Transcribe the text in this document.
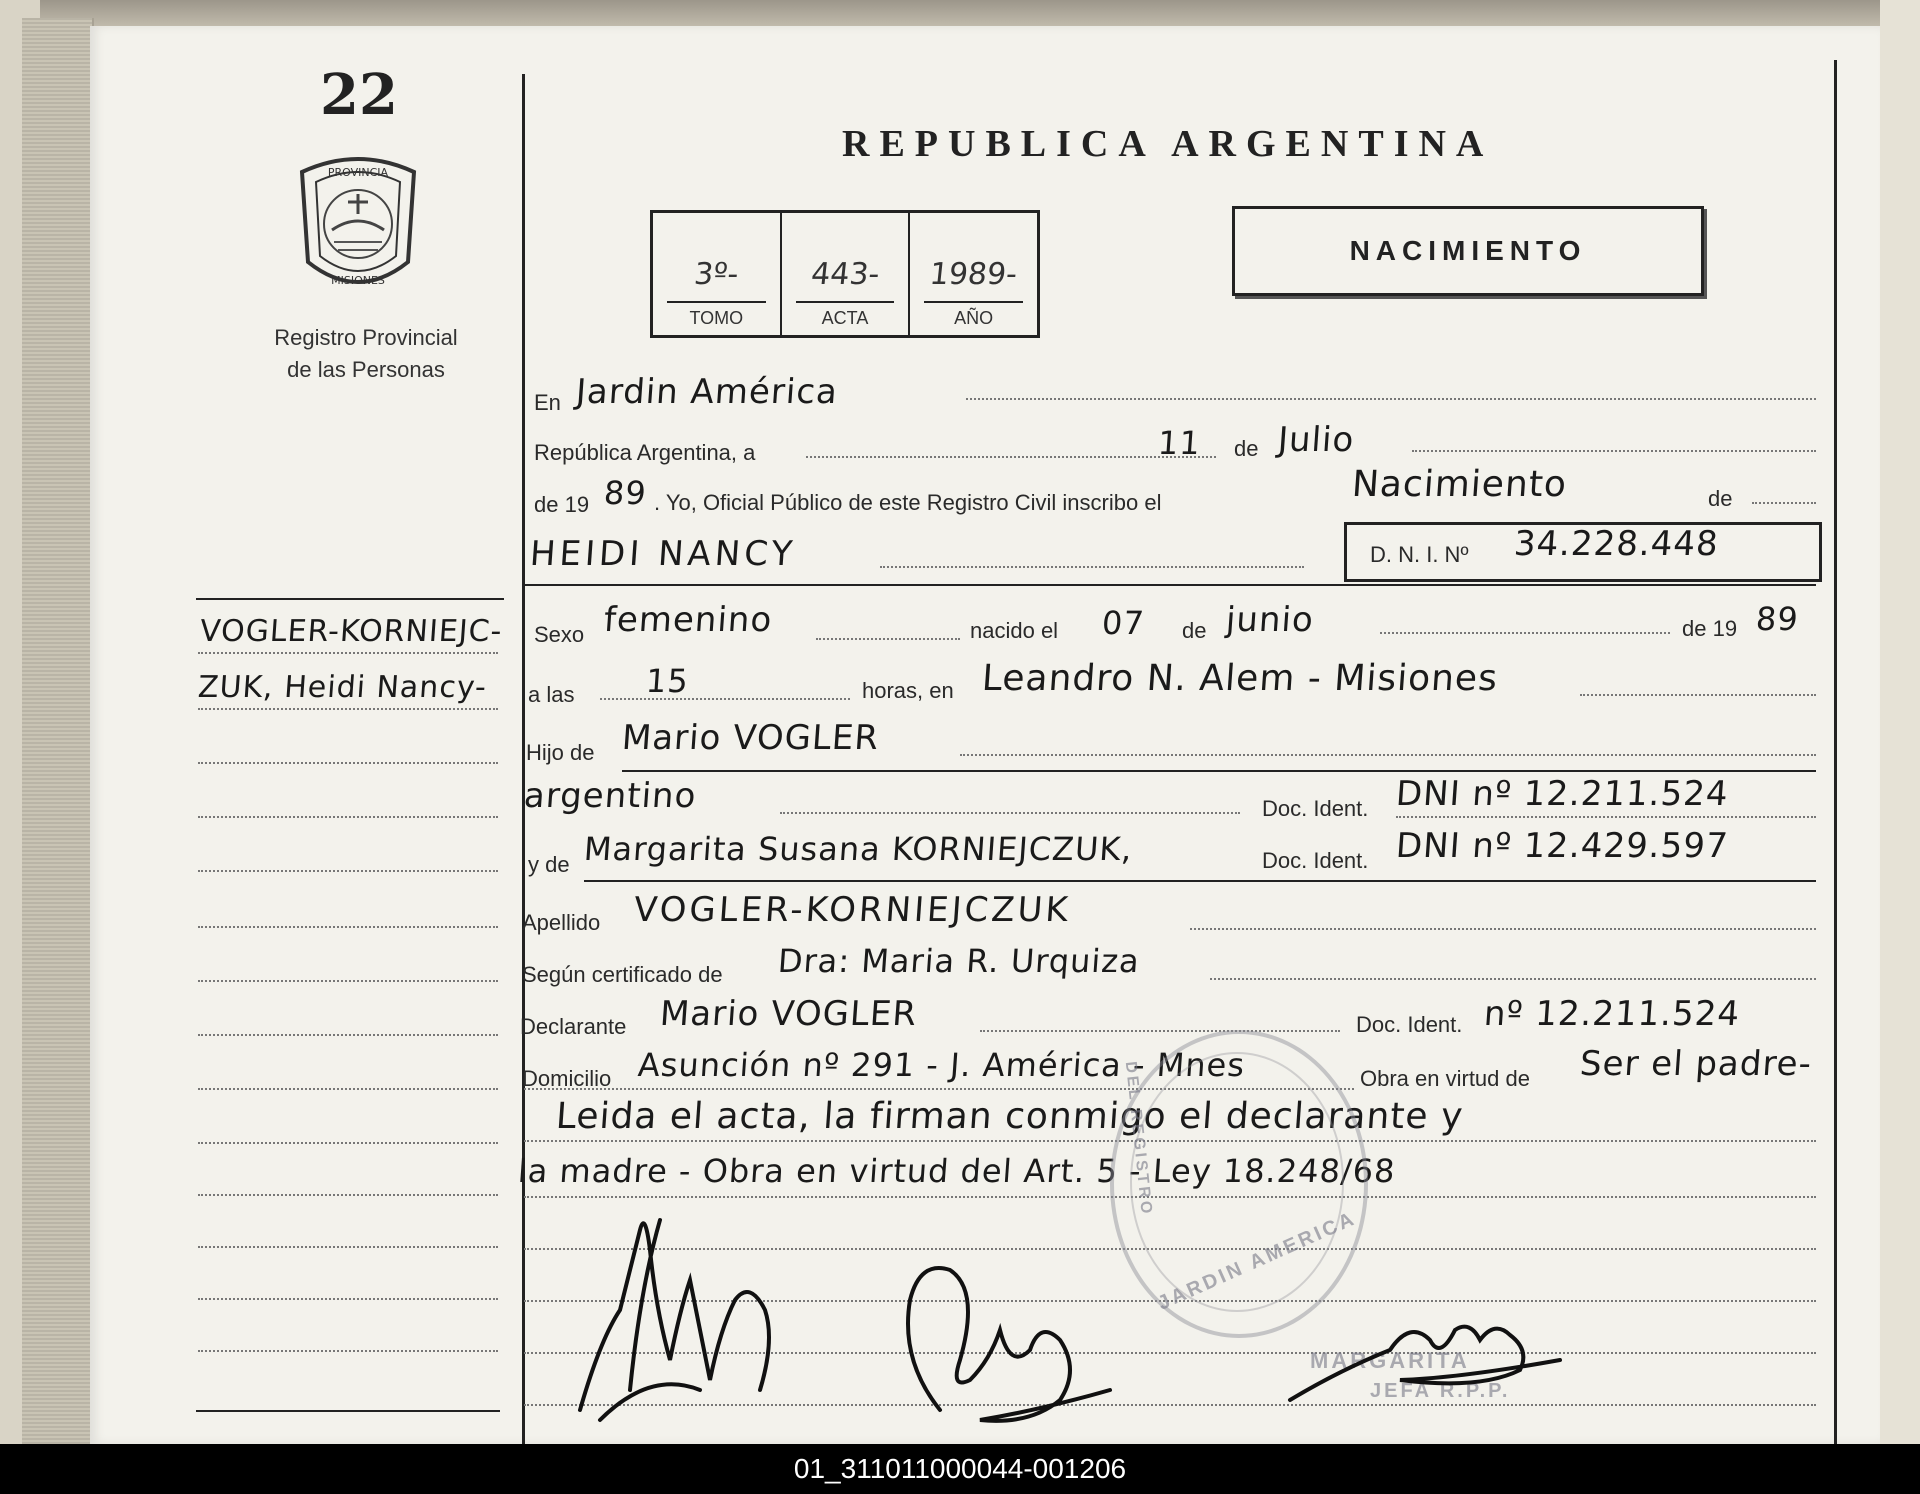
22
PROVINCIA
MISIONES
Registro Provincial
de las Personas
VOGLER-KORNIEJC-
ZUK, Heidi Nancy-
REPUBLICA ARGENTINA
3º-
TOMO
443-
ACTA
1989-
AÑO
NACIMIENTO
En Jardin América
República Argentina, a	11 de Julio
de 19 89 . Yo, Oficial Público de este Registro Civil inscribo el	Nacimiento	de
HEIDI NANCY	D. N. I. Nº 34.228.448
Sexo femenino	nacido el 07 de junio	de 19 89
a las 15	horas, en Leandro N. Alem - Misiones
Hijo de Mario VOGLER
argentino	Doc. Ident. DNI nº 12.211.524
y de Margarita Susana KORNIEJCZUK,	Doc. Ident. DNI nº 12.429.597
Apellido VOGLER-KORNIEJCZUK
Según certificado de Dra: Maria R. Urquiza
Declarante Mario VOGLER	Doc. Ident. nº 12.211.524
Domicilio Asunción nº 291 - J. América - Mnes	Obra en virtud de Ser el padre-
Leida el acta, la firman conmigo el declarante y
la madre - Obra en virtud del Art. 5 - Ley 18.248/68
JARDIN AMERICA
DEL REGISTRO
MARGARITA
JEFA R.P.P.
01_311011000044-001206
